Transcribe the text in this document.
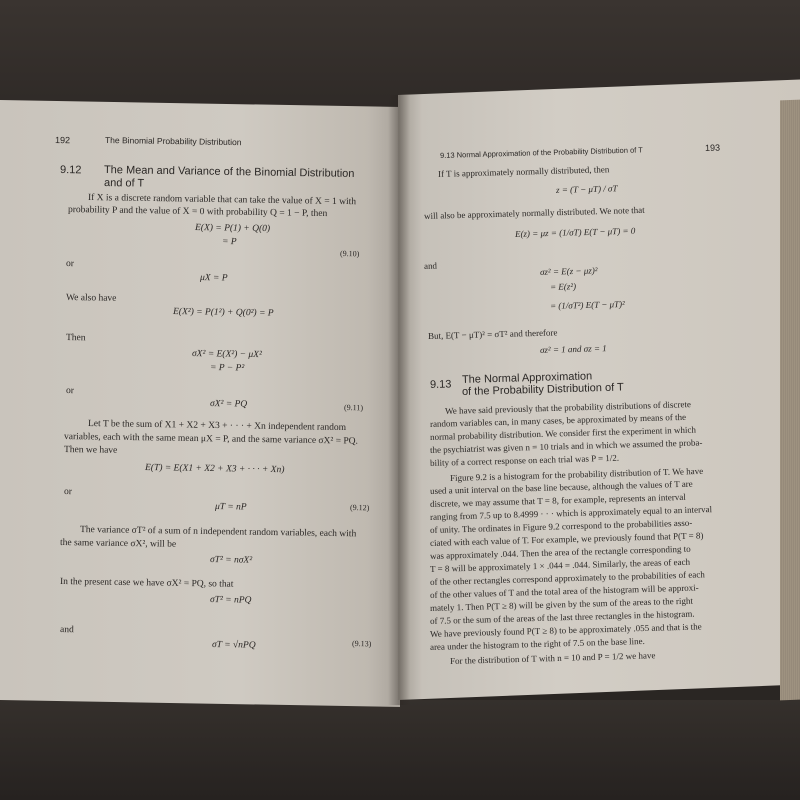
192	The Binomial Probability Distribution
9.12 The Mean and Variance of the Binomial Distribution
and of T
If X is a discrete random variable that can take the value of X = 1 with
probability P and the value of X = 0 with probability Q = 1 − P, then
E(X) = P(1) + Q(0)
= P
(9.10)
or
μX = P
We also have
E(X²) = P(1²) + Q(0²) = P
Then
σX² = E(X²) − μX²
= P − P²
or
σX² = PQ	(9.11)
Let T be the sum of X1 + X2 + X3 + · · · + Xn independent random
variables, each with the same mean μX = P, and the same variance σX² = PQ.
Then we have
E(T) = E(X1 + X2 + X3 + · · · + Xn)
or
μT = nP	(9.12)
The variance σT² of a sum of n independent random variables, each with
the same variance σX², will be
σT² = nσX²
In the present case we have σX² = PQ, so that
σT² = nPQ
and
σT = √nPQ	(9.13)
9.13 Normal Approximation of the Probability Distribution of T	193
If T is approximately normally distributed, then
z = (T − μT) / σT
will also be approximately normally distributed. We note that
E(z) = μz = (1/σT) E(T − μT) = 0
and	σz² = E(z − μz)²
= E(z²)
= (1/σT²) E(T − μT)²
But, E(T − μT)² = σT² and therefore
σz² = 1 and σz = 1
9.13 The Normal Approximation
of the Probability Distribution of T
We have said previously that the probability distributions of discrete
random variables can, in many cases, be approximated by means of the
normal probability distribution. We consider first the experiment in which
the psychiatrist was given n = 10 trials and in which we assumed the proba-
bility of a correct response on each trial was P = 1/2.
Figure 9.2 is a histogram for the probability distribution of T. We have
used a unit interval on the base line because, although the values of T are
discrete, we may assume that T = 8, for example, represents an interval
ranging from 7.5 up to 8.4999 · · · which is approximately equal to an interval
of unity. The ordinates in Figure 9.2 correspond to the probabilities asso-
ciated with each value of T. For example, we previously found that P(T = 8)
was approximately .044. Then the area of the rectangle corresponding to
T = 8 will be approximately 1 × .044 = .044. Similarly, the areas of each
of the other rectangles correspond approximately to the probabilities of each
of the other values of T and the total area of the histogram will be approxi-
mately 1. Then P(T ≥ 8) will be given by the sum of the areas to the right
of 7.5 or the sum of the areas of the last three rectangles in the histogram.
We have previously found P(T ≥ 8) to be approximately .055 and that is the
area under the histogram to the right of 7.5 on the base line.
For the distribution of T with n = 10 and P = 1/2 we have
